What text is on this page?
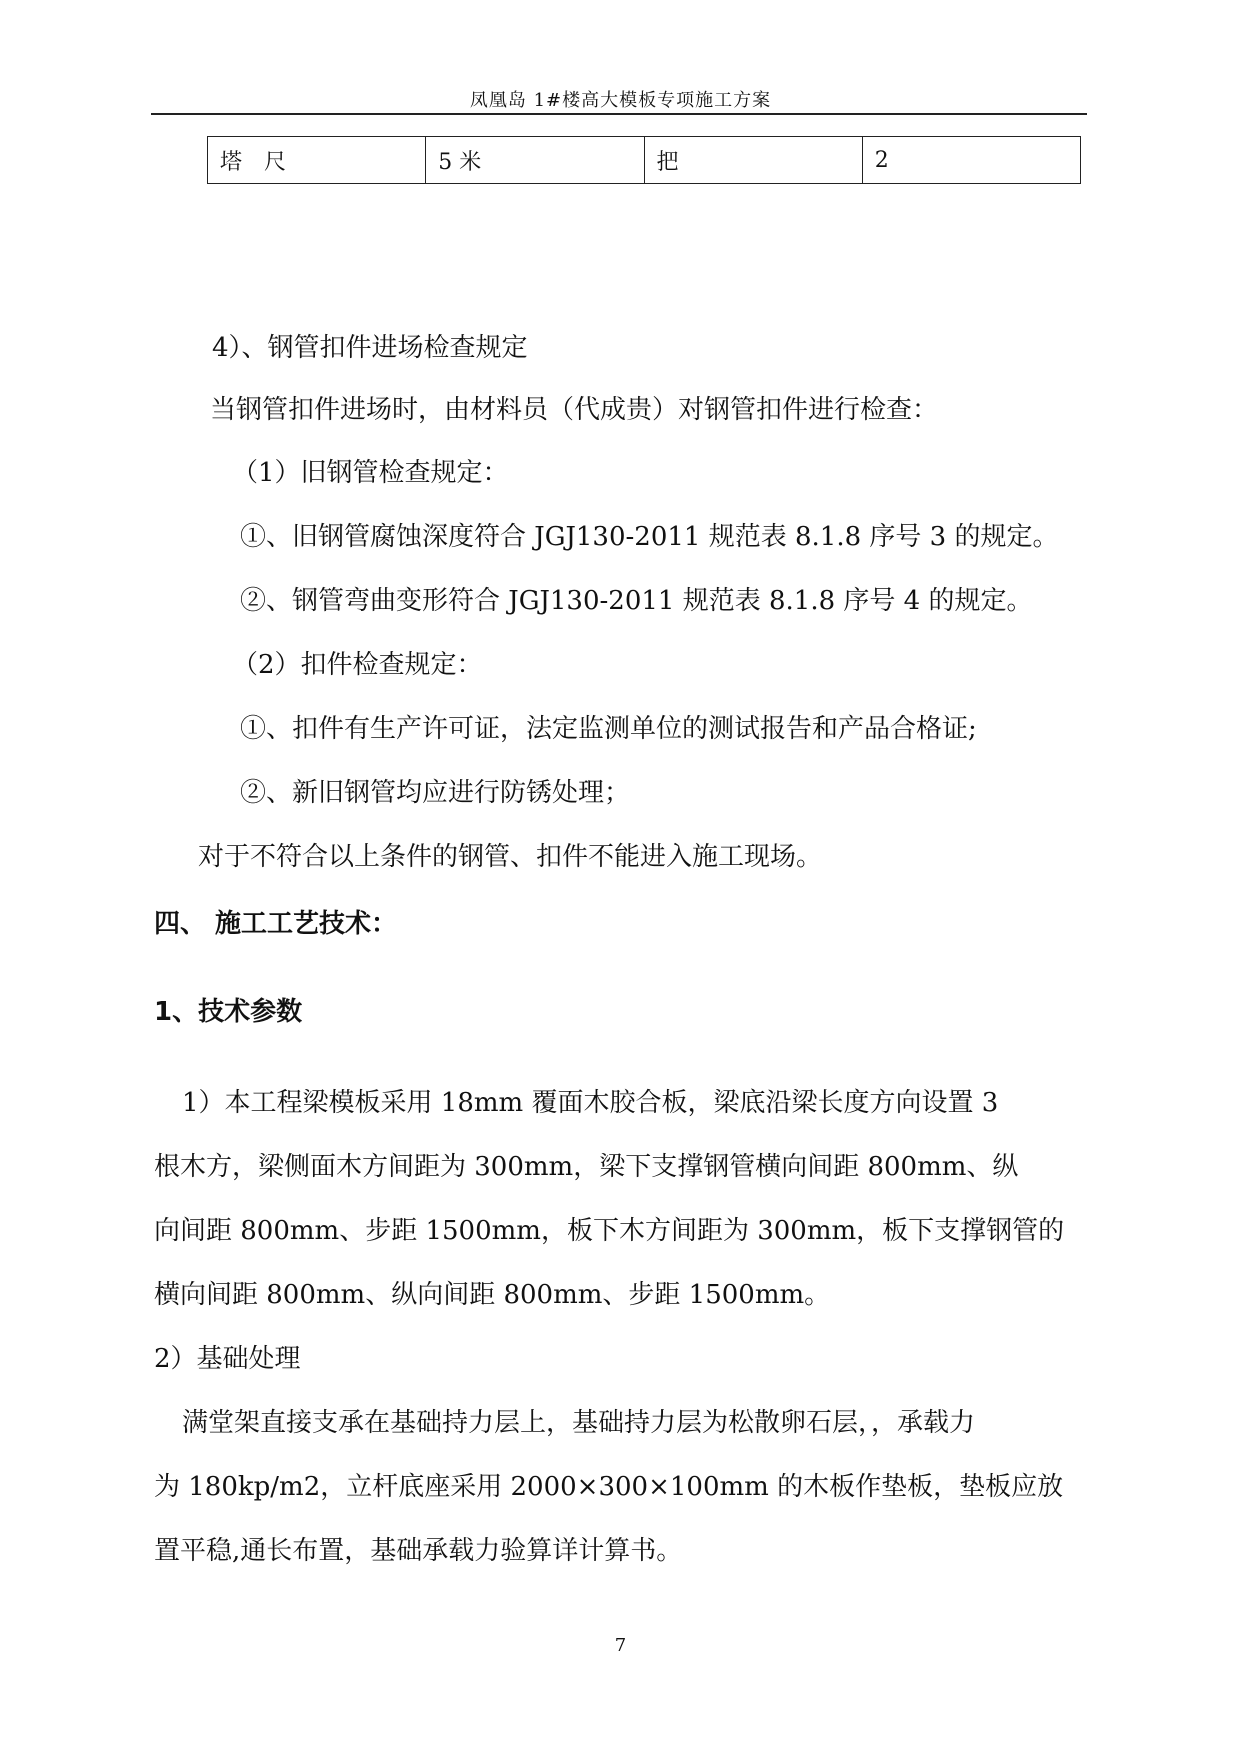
凤凰岛 1#楼高大模板专项施工方案
塔　尺	5 米	把	2
4）、钢管扣件进场检查规定
当钢管扣件进场时，由材料员（代成贵）对钢管扣件进行检查：
（1）旧钢管检查规定：
①、旧钢管腐蚀深度符合 JGJ130-2011 规范表 8.1.8 序号 3 的规定。
②、钢管弯曲变形符合 JGJ130-2011 规范表 8.1.8 序号 4 的规定。
（2）扣件检查规定：
①、扣件有生产许可证，法定监测单位的测试报告和产品合格证;
②、新旧钢管均应进行防锈处理；
对于不符合以上条件的钢管、扣件不能进入施工现场。
四、 施工工艺技术：
1、技术参数
1）本工程梁模板采用 18mm 覆面木胶合板，梁底沿梁长度方向设置 3
根木方，梁侧面木方间距为 300mm，梁下支撑钢管横向间距 800mm、纵
向间距 800mm、步距 1500mm，板下木方间距为 300mm，板下支撑钢管的
横向间距 800mm、纵向间距 800mm、步距 1500mm。
2）基础处理
满堂架直接支承在基础持力层上，基础持力层为松散卵石层，，承载力
为 180kp/m2，立杆底座采用 2000×300×100mm 的木板作垫板，垫板应放
置平稳,通长布置，基础承载力验算详计算书。
7
